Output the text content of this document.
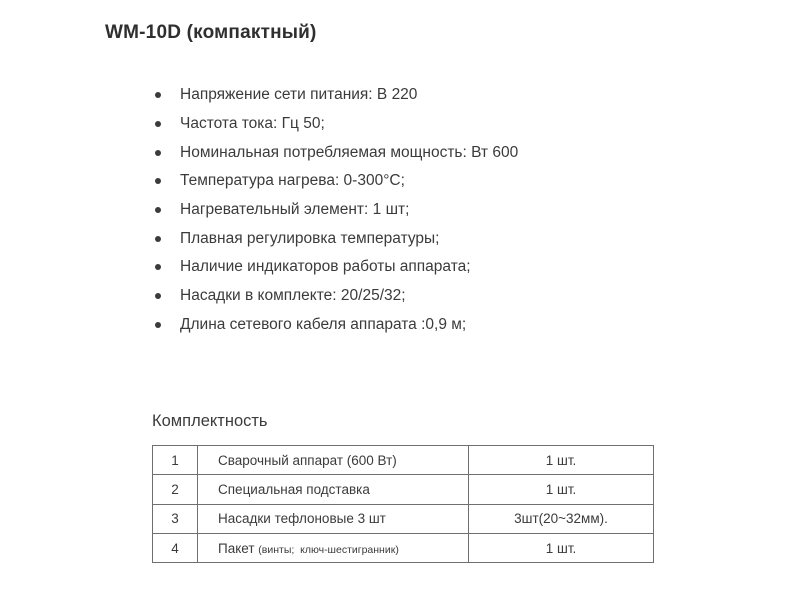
WM-10D (компактный)
Напряжение сети питания: В 220
Частота тока: Гц 50;
Номинальная потребляемая мощность: Вт 600
Температура нагрева: 0-300°С;
Нагревательный элемент: 1 шт;
Плавная регулировка температуры;
Наличие индикаторов работы аппарата;
Насадки в комплекте: 20/25/32;
Длина сетевого кабеля аппарата :0,9 м;
Комплектность
1	Сварочный аппарат (600 Вт)	1 шт.
2	Специальная подставка	1 шт.
3	Насадки тефлоновые 3 шт	3шт(20~32мм).
4	Пакет (винты;  ключ-шестигранник)	1 шт.
